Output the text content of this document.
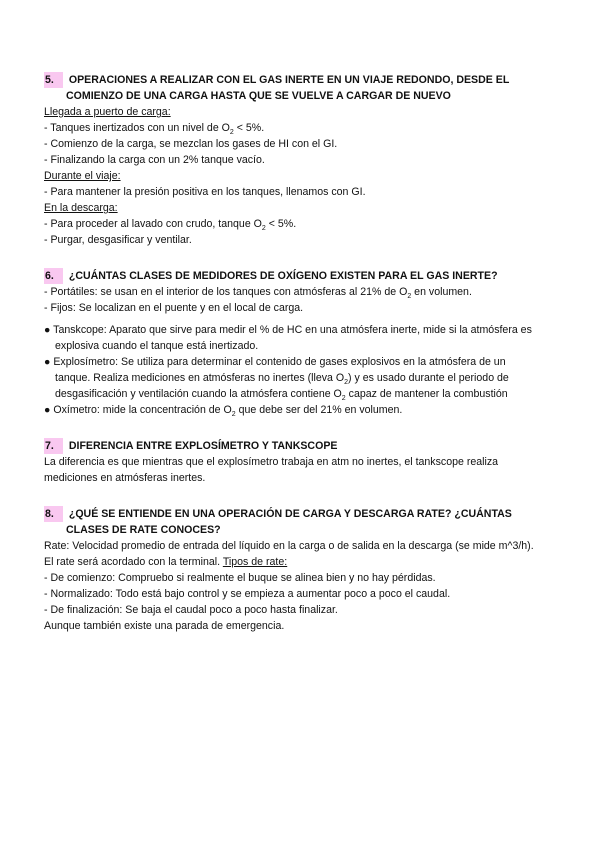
5. OPERACIONES A REALIZAR CON EL GAS INERTE EN UN VIAJE REDONDO, DESDE EL
COMIENZO DE UNA CARGA HASTA QUE SE VUELVE A CARGAR DE NUEVO
Llegada a puerto de carga:
- Tanques inertizados con un nivel de $O_2 < 5\%$.
- Comienzo de la carga, se mezclan los gases de HI con el GI.
- Finalizando la carga con un 2% tanque vacío.
Durante el viaje:
- Para mantener la presión positiva en los tanques, llenamos con GI.
En la descarga:
- Para proceder al lavado con crudo, tanque $O_2 < 5\%$.
- Purgar, desgasificar y ventilar.
6. ¿CUÁNTAS CLASES DE MEDIDORES DE OXÍGENO EXISTEN PARA EL GAS INERTE?
- Portátiles: se usan en el interior de los tanques con atmósferas al 21% de $O_2$ en volumen.
- Fijos: Se localizan en el puente y en el local de carga.
● Tanskcope: Aparato que sirve para medir el % de HC en una atmósfera inerte, mide si la atmósfera es
explosiva cuando el tanque está inertizado.
● Explosímetro: Se utiliza para determinar el contenido de gases explosivos en la atmósfera de un
tanque. Realiza mediciones en atmósferas no inertes (lleva $O_2$) y es usado durante el periodo de
desgasificación y ventilación cuando la atmósfera contiene $O_2$ capaz de mantener la combustión
● Oxímetro: mide la concentración de $O_2$ que debe ser del 21% en volumen.
7. DIFERENCIA ENTRE EXPLOSÍMETRO Y TANKSCOPE
La diferencia es que mientras que el explosímetro trabaja en atm no inertes, el tankscope realiza
mediciones en atmósferas inertes.
8. ¿QUÉ SE ENTIENDE EN UNA OPERACIÓN DE CARGA Y DESCARGA RATE? ¿CUÁNTAS
CLASES DE RATE CONOCES?
Rate: Velocidad promedio de entrada del líquido en la carga o de salida en la descarga (se mide m^3/h).
El rate será acordado con la terminal. Tipos de rate:
- De comienzo: Compruebo si realmente el buque se alinea bien y no hay pérdidas.
- Normalizado: Todo está bajo control y se empieza a aumentar poco a poco el caudal.
- De finalización: Se baja el caudal poco a poco hasta finalizar.
Aunque también existe una parada de emergencia.
